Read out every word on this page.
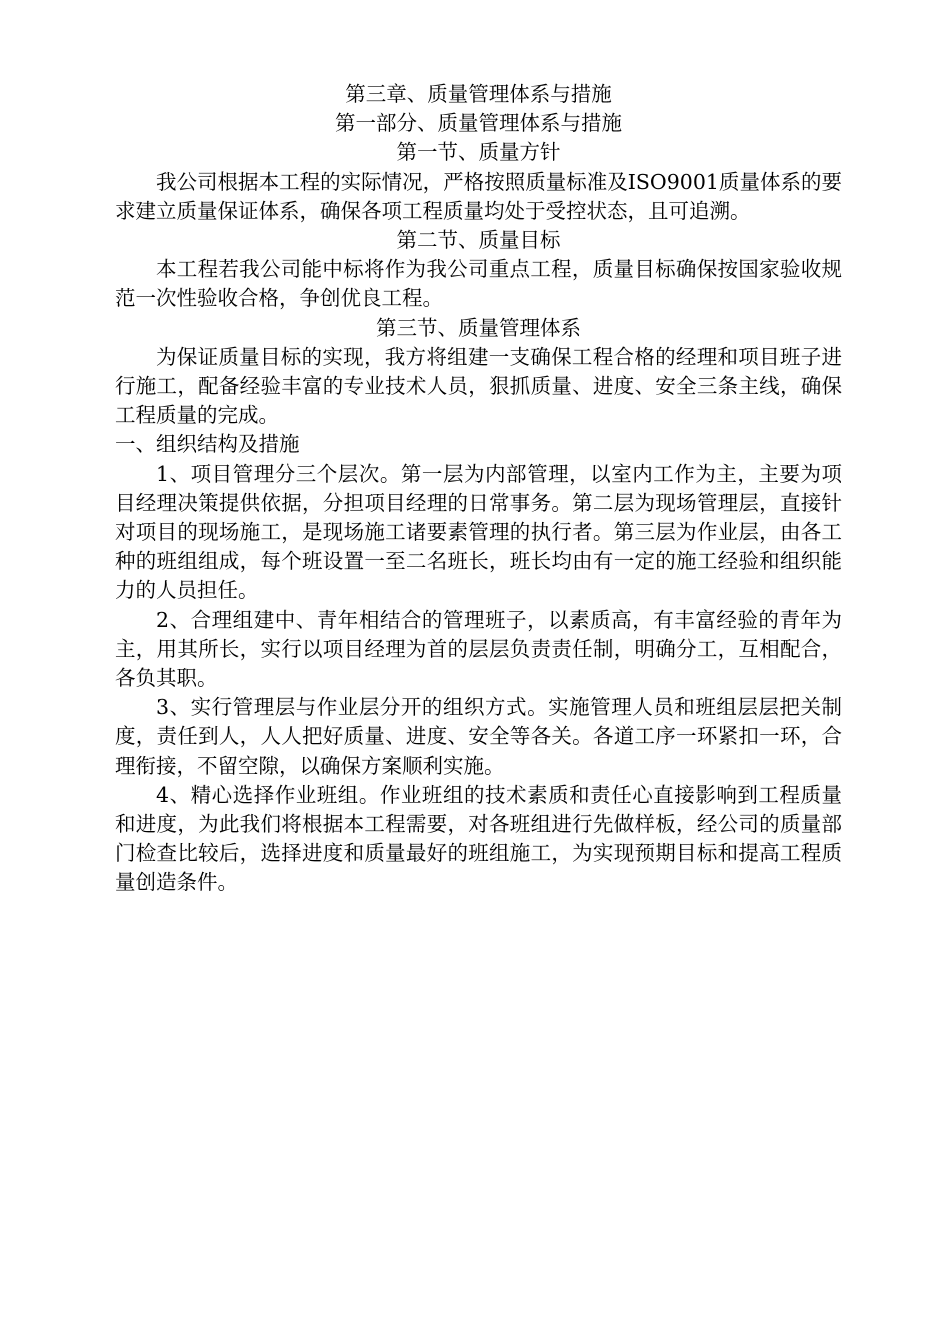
第三章、质量管理体系与措施

第一部分、质量管理体系与措施

第一节、质量方针

我公司根据本工程的实际情况，严格按照质量标准及ISO9001质量体系的要求建立质量保证体系，确保各项工程质量均处于受控状态，且可追溯。

第二节、质量目标

本工程若我公司能中标将作为我公司重点工程，质量目标确保按国家验收规范一次性验收合格，争创优良工程。

第三节、质量管理体系

为保证质量目标的实现，我方将组建一支确保工程合格的经理和项目班子进行施工，配备经验丰富的专业技术人员，狠抓质量、进度、安全三条主线，确保工程质量的完成。

一、组织结构及措施

1、项目管理分三个层次。第一层为内部管理，以室内工作为主，主要为项目经理决策提供依据，分担项目经理的日常事务。第二层为现场管理层，直接针对项目的现场施工，是现场施工诸要素管理的执行者。第三层为作业层，由各工种的班组组成，每个班设置一至二名班长，班长均由有一定的施工经验和组织能力的人员担任。

2、合理组建中、青年相结合的管理班子，以素质高，有丰富经验的青年为主，用其所长，实行以项目经理为首的层层负责责任制，明确分工，互相配合，各负其职。

3、实行管理层与作业层分开的组织方式。实施管理人员和班组层层把关制度，责任到人，人人把好质量、进度、安全等各关。各道工序一环紧扣一环，合理衔接，不留空隙，以确保方案顺利实施。

4、精心选择作业班组。作业班组的技术素质和责任心直接影响到工程质量和进度，为此我们将根据本工程需要，对各班组进行先做样板，经公司的质量部门检查比较后，选择进度和质量最好的班组施工，为实现预期目标和提高工程质量创造条件。
